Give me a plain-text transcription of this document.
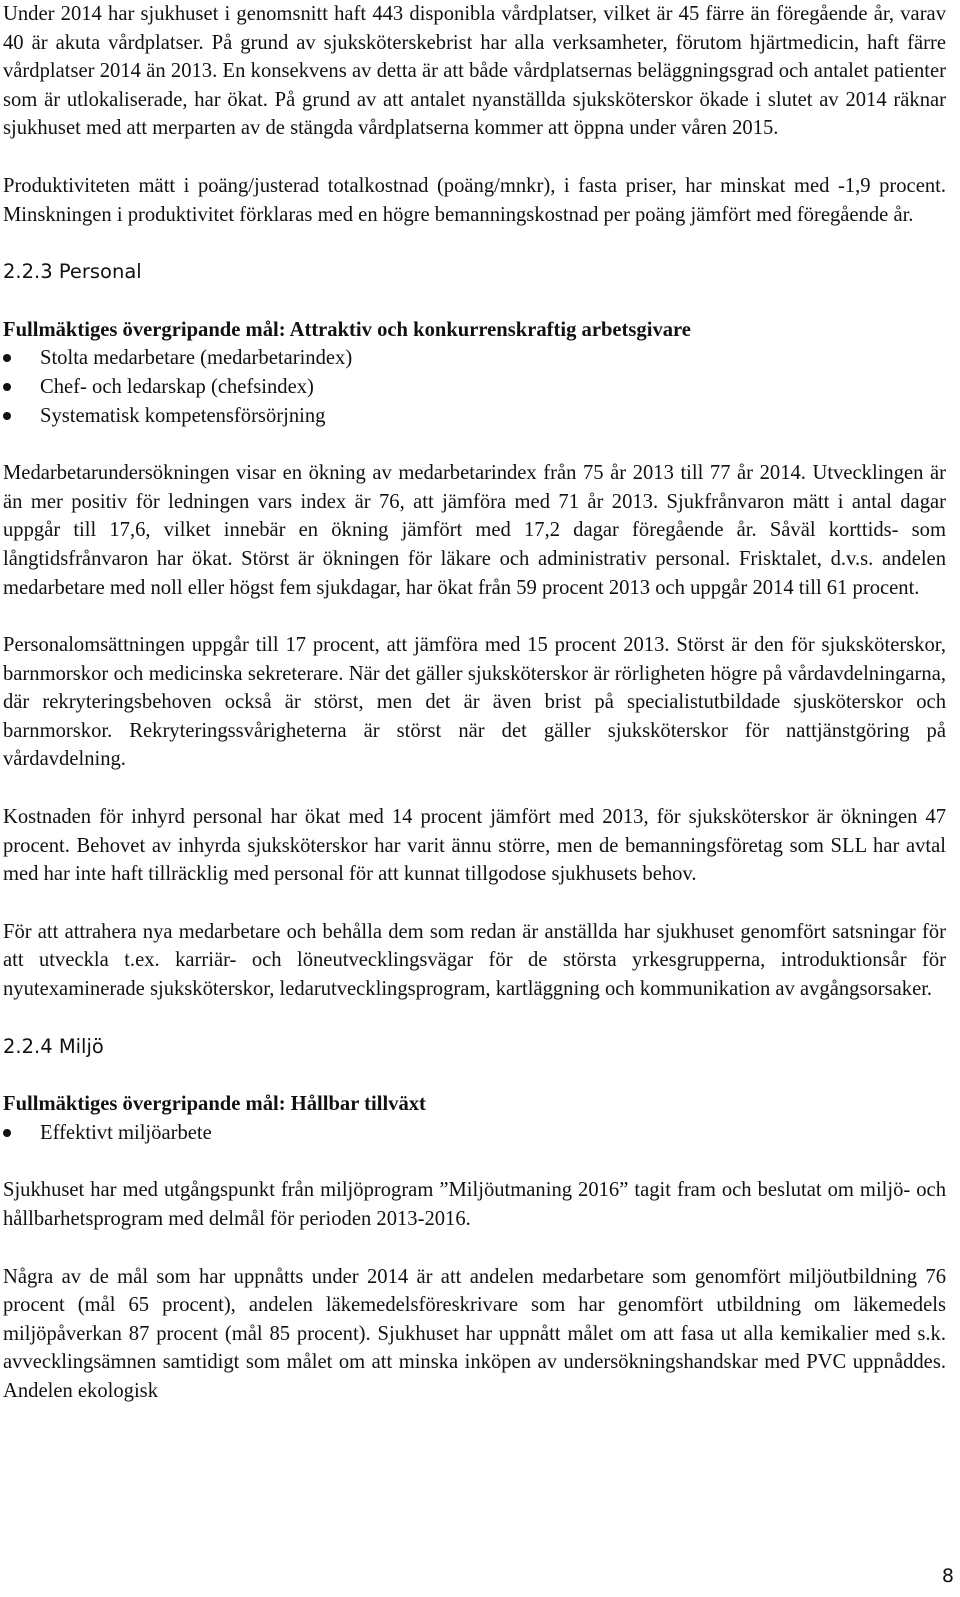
Under 2014 har sjukhuset i genomsnitt haft 443 disponibla vårdplatser, vilket är 45 färre än föregående år, varav 40 är akuta vårdplatser. På grund av sjuksköterskebrist har alla verksamheter, förutom hjärtmedicin, haft färre vårdplatser 2014 än 2013. En konsekvens av detta är att både vårdplatsernas beläggningsgrad och antalet patienter som är utlokaliserade, har ökat. På grund av att antalet nyanställda sjuksköterskor ökade i slutet av 2014 räknar sjukhuset med att merparten av de stängda vårdplatserna kommer att öppna under våren 2015.

Produktiviteten mätt i poäng/justerad totalkostnad (poäng/mnkr), i fasta priser, har minskat med -1,9 procent. Minskningen i produktivitet förklaras med en högre bemanningskostnad per poäng jämfört med föregående år.

2.2.3 Personal

Fullmäktiges övergripande mål: Attraktiv och konkurrenskraftig arbetsgivare

Stolta medarbetare (medarbetarindex)
Chef- och ledarskap (chefsindex)
Systematisk kompetensförsörjning

Medarbetarundersökningen visar en ökning av medarbetarindex från 75 år 2013 till 77 år 2014. Utvecklingen är än mer positiv för ledningen vars index är 76, att jämföra med 71 år 2013. Sjukfrånvaron mätt i antal dagar uppgår till 17,6, vilket innebär en ökning jämfört med 17,2 dagar föregående år. Såväl korttids- som långtidsfrånvaron har ökat. Störst är ökningen för läkare och administrativ personal. Frisktalet, d.v.s. andelen medarbetare med noll eller högst fem sjukdagar, har ökat från 59 procent 2013 och uppgår 2014 till 61 procent.

Personalomsättningen uppgår till 17 procent, att jämföra med 15 procent 2013. Störst är den för sjuksköterskor, barnmorskor och medicinska sekreterare. När det gäller sjuksköterskor är rörligheten högre på vårdavdelningarna, där rekryteringsbehoven också är störst, men det är även brist på specialistutbildade sjusköterskor och barnmorskor. Rekryteringssvårigheterna är störst när det gäller sjuksköterskor för nattjänstgöring på vårdavdelning.

Kostnaden för inhyrd personal har ökat med 14 procent jämfört med 2013, för sjuksköterskor är ökningen 47 procent. Behovet av inhyrda sjuksköterskor har varit ännu större, men de bemanningsföretag som SLL har avtal med har inte haft tillräcklig med personal för att kunnat tillgodose sjukhusets behov.

För att attrahera nya medarbetare och behålla dem som redan är anställda har sjukhuset genomfört satsningar för att utveckla t.ex. karriär- och löneutvecklingsvägar för de största yrkesgrupperna, introduktionsår för nyutexaminerade sjuksköterskor, ledarutvecklingsprogram, kartläggning och kommunikation av avgångsorsaker.

2.2.4 Miljö

Fullmäktiges övergripande mål: Hållbar tillväxt

Effektivt miljöarbete

Sjukhuset har med utgångspunkt från miljöprogram ”Miljöutmaning 2016” tagit fram och beslutat om miljö- och hållbarhetsprogram med delmål för perioden 2013-2016.

Några av de mål som har uppnåtts under 2014 är att andelen medarbetare som genomfört miljöutbildning 76 procent (mål 65 procent), andelen läkemedelsföreskrivare som har genomfört utbildning om läkemedels miljöpåverkan 87 procent (mål 85 procent). Sjukhuset har uppnått målet om att fasa ut alla kemikalier med s.k. avvecklingsämnen samtidigt som målet om att minska inköpen av undersökningshandskar med PVC uppnåddes. Andelen ekologisk

8
